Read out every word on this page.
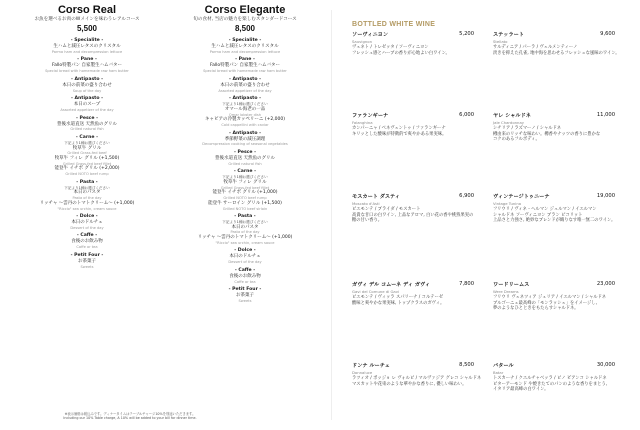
Corso Real
お魚を選べるお肉のWメインを味わうレアルコース
5,500
- Specialite -
生ハムと減圧レタスのクリスタル
Parma ham and decompression lettuce
- Pane -
Fallo特製パン 自家製生ハムバター
Special bread with homemade raw ham butter
- Antipasto -
本日の前菜の盛り合わせ
Soup of the day
- Antipasto -
本日のスープ
Assorted appetizer of the day
- Pesce -
豊後水道直送 天然魚のグリル
Grilled natural fish
- Carne -
下記より1種お選びください
牧草牛 グリル
Grilled Grass-fed beef
牧草牛 フィレ グリル (+1,500)
Grilled Grass-fed beef fillet
能登牛 イチボ グリル (+2,000)
Grilled NOTO beef rump
- Pasta -
下記より1種お選びください
本日のパスタ
Pasta of the day
リッチャ 〜雲丹のトマトクリーム〜 (+1,000)
"Riccio" sea urchin, cream sauce
- Dolce -
本日のドルチェ
Dessert of the day
- Caffe -
食後のお飲み物
Caffe or tea
- Petit Four -
お茶菓子
Sweets
Corso Elegante
旬の食材, 当店の魅力を楽しむスタンダードコース
8,500
- Specialite -
生ハムと減圧レタスのクリスタル
Parma ham and decompression lettuce
- Pane -
Fallo特製パン 自家製生ハムバター
Special bread with homemade raw ham butter
- Antipasto -
本日の前菜の盛り合わせ
Assorted appetizer of the day
- Antipasto -
下記より1種お選びください
オマール海老の一品
Omar lobster dish
キャビアの冷製カッペリーニ (+2,000)
Cold cappellini with caviar
- Antipasto -
季節野菜の減圧調理
Decompression cooking of seasonal vegetables
- Pesce -
豊後水道直送 天然魚のグリル
Grilled natural fish
- Carne -
下記より1種お選びください
牧草牛 フィレ グリル
Grilled Grass-fed beef fillet
能登牛 イチボ グリル (+1,000)
Grilled NOTO beef rump
能登牛 サーロイン グリル (+1,500)
Grilled NOTO beef sirloin
- Pasta -
下記より1種お選びください
本日のパスタ
Pasta of the day
リッチャ 〜雲丹のトマトクリーム〜 (+1,000)
"Riccio" sea urchin, cream sauce
- Dolce -
本日のドルチェ
Dessert of the day
- Caffe -
食後のお飲み物
Caffe or tea
- Petit Four -
お茶菓子
Sweets
※表示価格は税込みです。ディナータイムはテーブルチャージ10%を別途いただきます。
Including our 10% Table charge, A 10% will be added to your bill for dinner time.
BOTTLED WHITE WINE
ソーヴィニヨン	5,200
Sauvignon
ヴェネト / トレゼッタ / ソーヴィニヨン
フレッシュ感とハーブの香りが心地よい白ワイン。
ステッラート	9,600
Stellato
サルディニア / パーラ / ヴェルメンティーノ
淡きを抑えた孔雀, 地中海を思わせるフレッシュな風味のワイン。
ファランギーナ	6,000
Falanghina
カンパーニャ / ベネヴェントゥ / ファランギーナ
キリッとした酸味が特徴的で爽やかある果実味。
ヤレ シャルドネ	11,000
Jale Chardonnay
シチリア / ラズマーノ / シャルドネ
樽由来のリッチな味わい。樽香やナッツの香りに豊かな
コクのあるフルボディ。
モスカート ダスティ	6,900
Moscato d'Asti
ピエモンテ / ブライダ / モスカート
高貴な甘口の白ワイン, 上品なアロマ, 白い花の香や桃熟果実の
糖の甘い香り。
ヴィンテージトゥニーナ	19,000
Vintage Tunina
フリウリ / ヴィネ・ヘルマン ジェルマン / イエルマン
シャルドネ ソーヴィニヨン ブラン ピコリット
上品さと力強さ, 絶妙なブレンドが織りなす唯一無二のワイン。
ガヴィ デル コムーネ ディ ガヴィ	7,800
Gavi del Comune di Gavi
ピエモンテ / ヴィッラ スパリーナ / コルテーゼ
酸味と爽やかな果実味, トップクラスのガヴィ。
ワードリームス	23,000
Were Dreams
フリウリ ヴェネツィア ジュリア / イエルマン / シャルドネ
ブルゴーニュ最高峰の「モンラッシェ」をイメージし,
夢のようなひとときをもたらすシャルドネ。
ドンナ ルーチェ	8,500
Donnaluce
ラツィオ / ポッジョ レ ヴォルピ / マルヴァジア グレコ シャルドネ
マスカットや花束のような華やかな香りに, 優しい味わい。
バタール	30,000
Batar
トスカーナ / クエルチャベッラ / ピノ ビアンコ シャルドネ
ピターアーモンド や焼きたてのパンのような香りをまとう,
イタリア最高峰の白ワイン。
